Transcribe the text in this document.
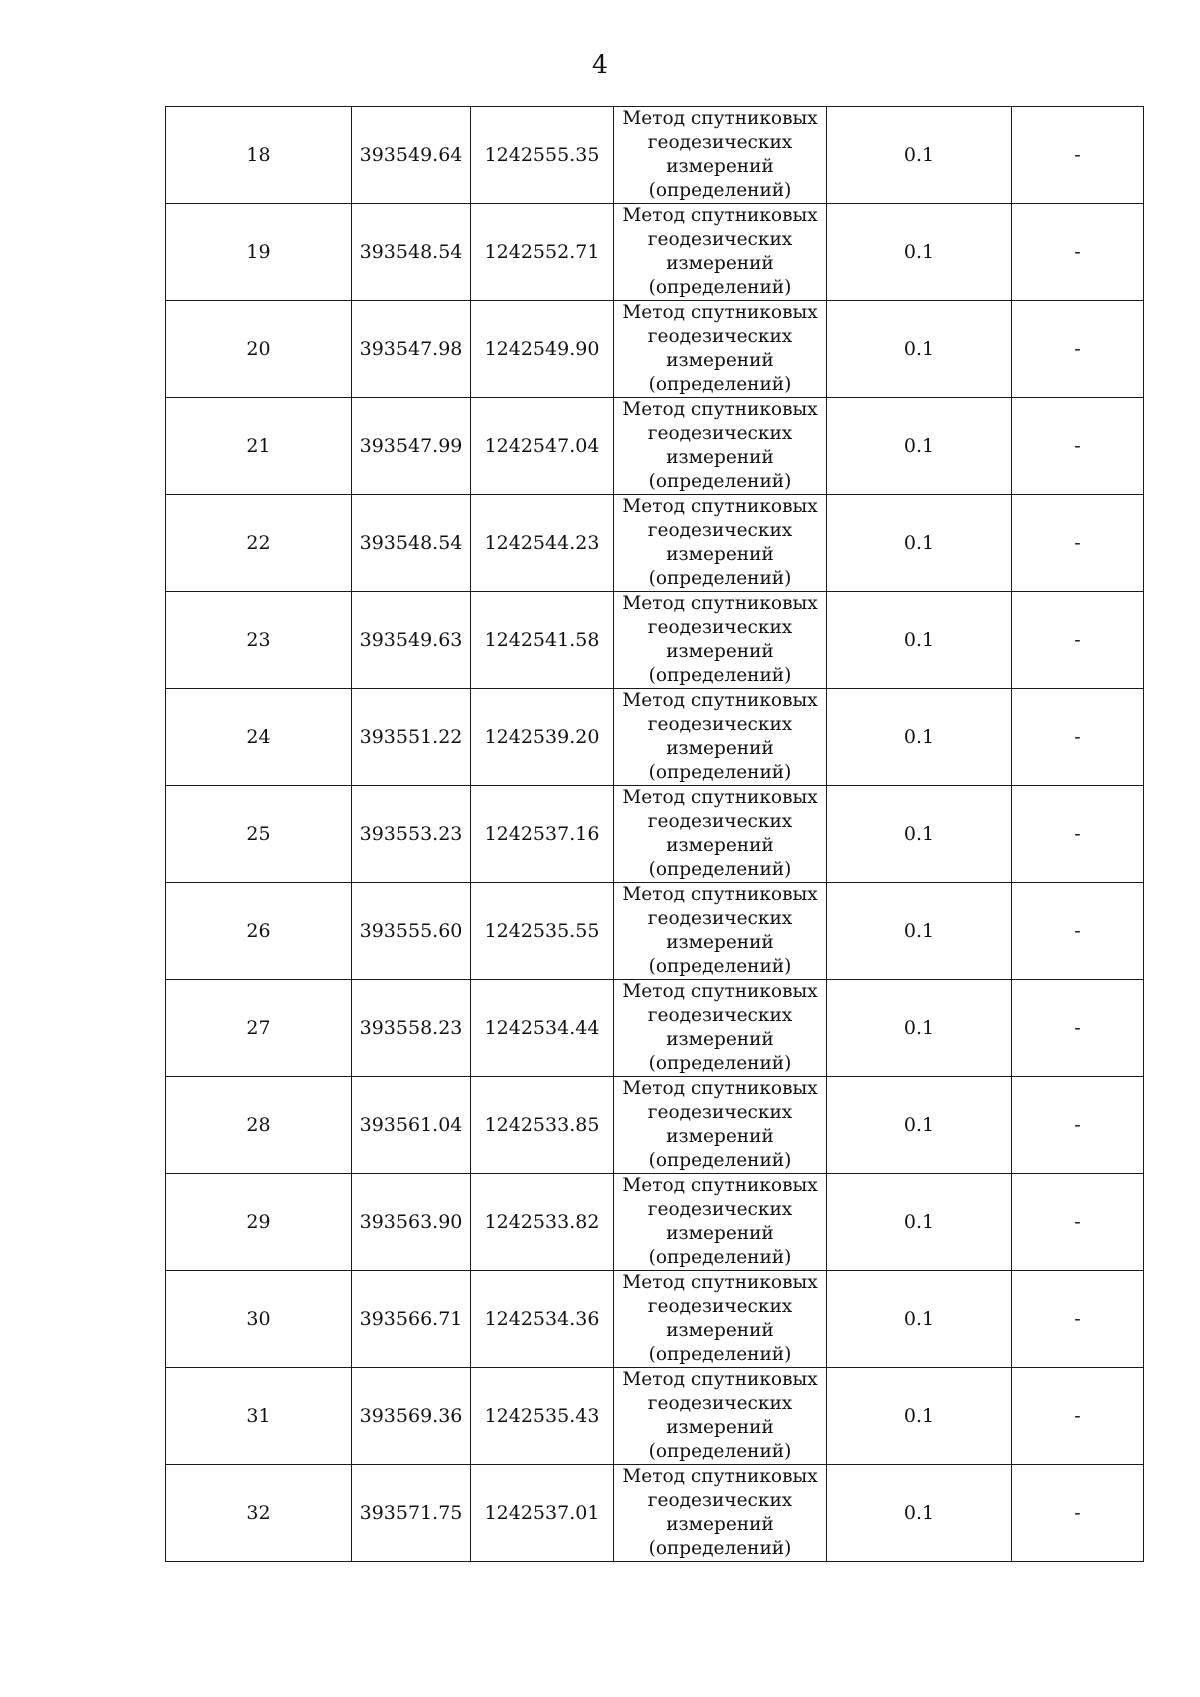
4
18	393549.64	1242555.35	Метод спутниковых
геодезических
измерений
(определений)	0.1	-
19	393548.54	1242552.71	Метод спутниковых
геодезических
измерений
(определений)	0.1	-
20	393547.98	1242549.90	Метод спутниковых
геодезических
измерений
(определений)	0.1	-
21	393547.99	1242547.04	Метод спутниковых
геодезических
измерений
(определений)	0.1	-
22	393548.54	1242544.23	Метод спутниковых
геодезических
измерений
(определений)	0.1	-
23	393549.63	1242541.58	Метод спутниковых
геодезических
измерений
(определений)	0.1	-
24	393551.22	1242539.20	Метод спутниковых
геодезических
измерений
(определений)	0.1	-
25	393553.23	1242537.16	Метод спутниковых
геодезических
измерений
(определений)	0.1	-
26	393555.60	1242535.55	Метод спутниковых
геодезических
измерений
(определений)	0.1	-
27	393558.23	1242534.44	Метод спутниковых
геодезических
измерений
(определений)	0.1	-
28	393561.04	1242533.85	Метод спутниковых
геодезических
измерений
(определений)	0.1	-
29	393563.90	1242533.82	Метод спутниковых
геодезических
измерений
(определений)	0.1	-
30	393566.71	1242534.36	Метод спутниковых
геодезических
измерений
(определений)	0.1	-
31	393569.36	1242535.43	Метод спутниковых
геодезических
измерений
(определений)	0.1	-
32	393571.75	1242537.01	Метод спутниковых
геодезических
измерений
(определений)	0.1	-
